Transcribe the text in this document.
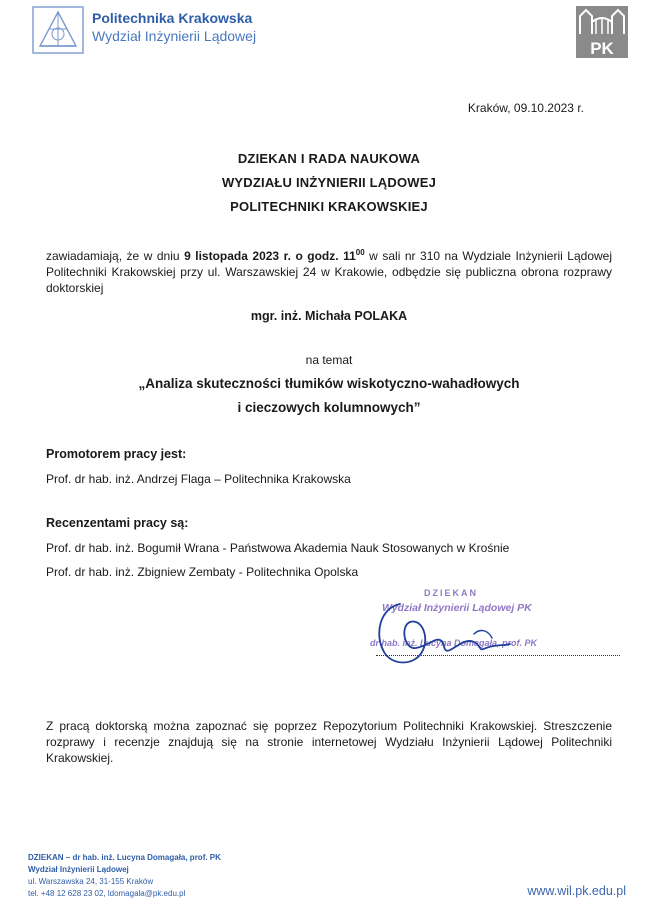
Politechnika Krakowska
Wydział Inżynierii Lądowej
PK
Kraków, 09.10.2023 r.
DZIEKAN I RADA NAUKOWA
WYDZIAŁU INŻYNIERII LĄDOWEJ
POLITECHNIKI KRAKOWSKIEJ
zawiadamiają, że w dniu 9 listopada 2023 r. o godz. $11^{00}$ w sali nr 310 na Wydziale Inżynierii Lądowej Politechniki Krakowskiej przy ul. Warszawskiej 24 w Krakowie, odbędzie się publiczna obrona rozprawy doktorskiej
mgr. inż. Michała POLAKA
na temat
„Analiza skuteczności tłumików wiskotyczno-wahadłowych
i cieczowych kolumnowych”
Promotorem pracy jest:
Prof. dr hab. inż. Andrzej Flaga – Politechnika Krakowska
Recenzentami pracy są:
Prof. dr hab. inż. Bogumił Wrana - Państwowa Akademia Nauk Stosowanych w Krośnie
Prof. dr hab. inż. Zbigniew Zembaty - Politechnika Opolska
DZIEKAN
Wydział Inżynierii Lądowej PK
dr hab. inż. Lucyna Domagała, prof. PK
Z pracą doktorską można zapoznać się poprzez Repozytorium Politechniki Krakowskiej. Streszczenie rozprawy i recenzje znajdują się na stronie internetowej Wydziału Inżynierii Lądowej Politechniki Krakowskiej.
DZIEKAN – dr hab. inż. Lucyna Domagała, prof. PK
Wydział Inżynierii Lądowej
ul. Warszawska 24, 31-155 Kraków
tel. +48 12 628 23 02, ldomagala@pk.edu.pl	www.wil.pk.edu.pl
